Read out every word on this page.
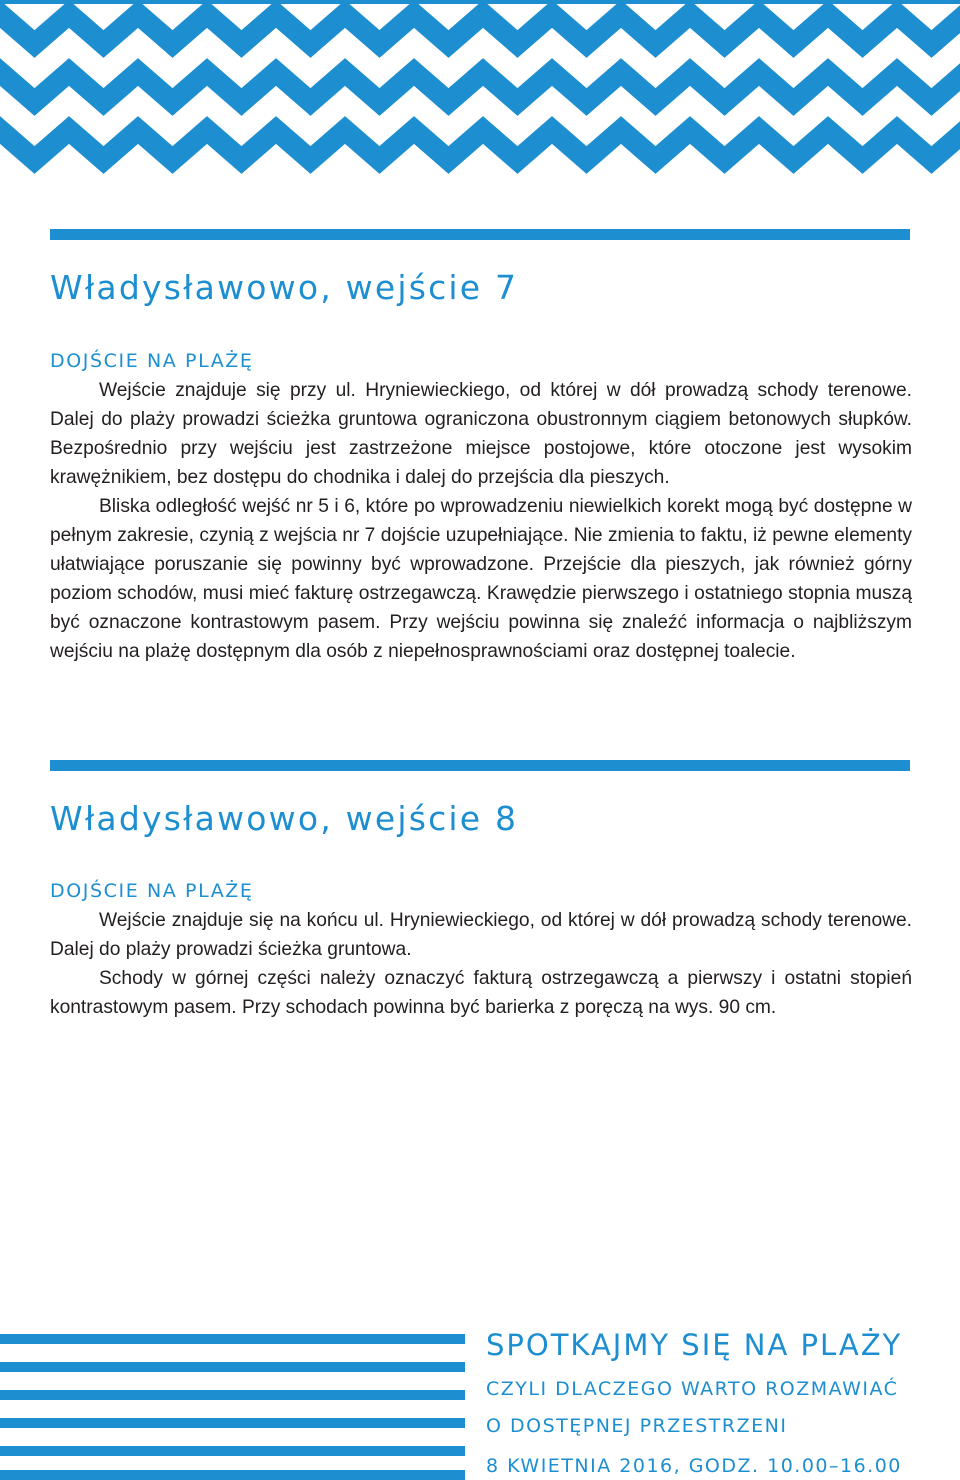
Władysławowo, wejście 7
DOJŚCIE NA PLAŻĘ

Wejście znajduje się przy ul. Hryniewieckiego, od której w dół prowadzą schody terenowe. Dalej do plaży prowadzi ścieżka gruntowa ograniczona obustronnym ciągiem betonowych słupków. Bezpośrednio przy wejściu jest zastrzeżone miejsce postojowe, które otoczone jest wysokim krawężnikiem, bez dostępu do chodnika i dalej do przejścia dla pieszych.

Bliska odległość wejść nr 5 i 6, które po wprowadzeniu niewielkich korekt mogą być dostępne w pełnym zakresie, czynią z wejścia nr 7 dojście uzupełniające. Nie zmienia to faktu, iż pewne elementy ułatwiające poruszanie się powinny być wprowadzone. Przejście dla pieszych, jak również górny poziom schodów, musi mieć fakturę ostrzegawczą. Krawędzie pierwszego i ostatniego stopnia muszą być oznaczone kontrastowym pasem. Przy wejściu powinna się znaleźć informacja o najbliższym wejściu na plażę dostępnym dla osób z niepełnosprawnościami oraz dostępnej toalecie.

Władysławowo, wejście 8
DOJŚCIE NA PLAŻĘ

Wejście znajduje się na końcu ul. Hryniewieckiego, od której w dół prowadzą schody terenowe. Dalej do plaży prowadzi ścieżka gruntowa.

Schody w górnej części należy oznaczyć fakturą ostrzegawczą a pierwszy i ostatni stopień kontrastowym pasem. Przy schodach powinna być barierka z poręczą na wys. 90 cm.

SPOTKAJMY SIĘ NA PLAŻY
CZYLI DLACZEGO WARTO ROZMAWIAĆ
O DOSTĘPNEJ PRZESTRZENI
8 KWIETNIA 2016, GODZ. 10.00–16.00
